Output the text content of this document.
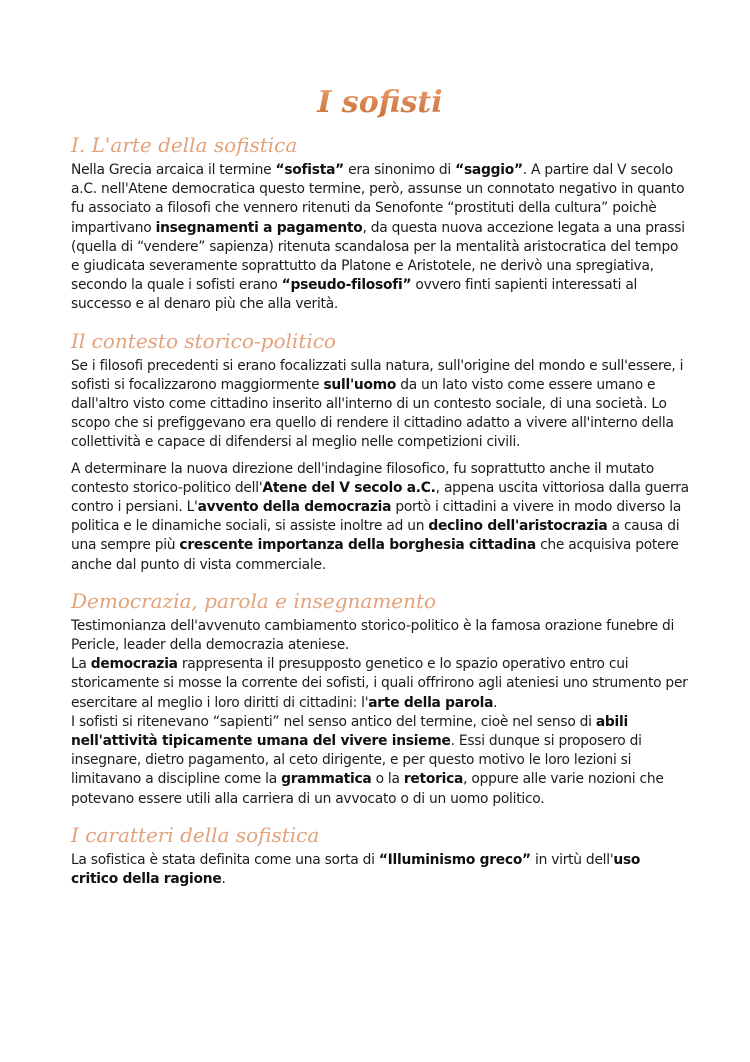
I sofisti
I. L'arte della sofistica

Nella Grecia arcaica il termine “sofista” era sinonimo di “saggio”. A partire dal V secolo a.C. nell'Atene democratica questo termine, però, assunse un connotato negativo in quanto fu associato a filosofi che vennero ritenuti da Senofonte “prostituti della cultura” poichè impartivano insegnamenti a pagamento, da questa nuova accezione legata a una prassi (quella di “vendere” sapienza) ritenuta scandalosa per la mentalità aristocratica del tempo e giudicata severamente soprattutto da Platone e Aristotele, ne derivò una spregiativa, secondo la quale i sofisti erano “pseudo-filosofi” ovvero finti sapienti interessati al successo e al denaro più che alla verità.

Il contesto storico-politico

Se i filosofi precedenti si erano focalizzati sulla natura, sull'origine del mondo e sull'essere, i sofisti si focalizzarono maggiormente sull'uomo da un lato visto come essere umano e dall'altro visto come cittadino inserito all'interno di un contesto sociale, di una società. Lo scopo che si prefiggevano era quello di rendere il cittadino adatto a vivere all'interno della collettività e capace di difendersi al meglio nelle competizioni civili.

A determinare la nuova direzione dell'indagine filosofico, fu soprattutto anche il mutato contesto storico-politico dell'Atene del V secolo a.C., appena uscita vittoriosa dalla guerra contro i persiani. L'avvento della democrazia portò i cittadini a vivere in modo diverso la politica e le dinamiche sociali, si assiste inoltre ad un declino dell'aristocrazia a causa di una sempre più crescente importanza della borghesia cittadina che acquisiva potere anche dal punto di vista commerciale.

Democrazia, parola e insegnamento

Testimonianza dell'avvenuto cambiamento storico-politico è la famosa orazione funebre di Pericle, leader della democrazia ateniese.
La democrazia rappresenta il presupposto genetico e lo spazio operativo entro cui storicamente si mosse la corrente dei sofisti, i quali offrirono agli ateniesi uno strumento per esercitare al meglio i loro diritti di cittadini: l'arte della parola.
I sofisti si ritenevano “sapienti” nel senso antico del termine, cioè nel senso di abili nell'attività tipicamente umana del vivere insieme. Essi dunque si proposero di insegnare, dietro pagamento, al ceto dirigente, e per questo motivo le loro lezioni si limitavano a discipline come la grammatica o la retorica, oppure alle varie nozioni che potevano essere utili alla carriera di un avvocato o di un uomo politico.

I caratteri della sofistica

La sofistica è stata definita come una sorta di “Illuminismo greco” in virtù dell'uso critico della ragione.
